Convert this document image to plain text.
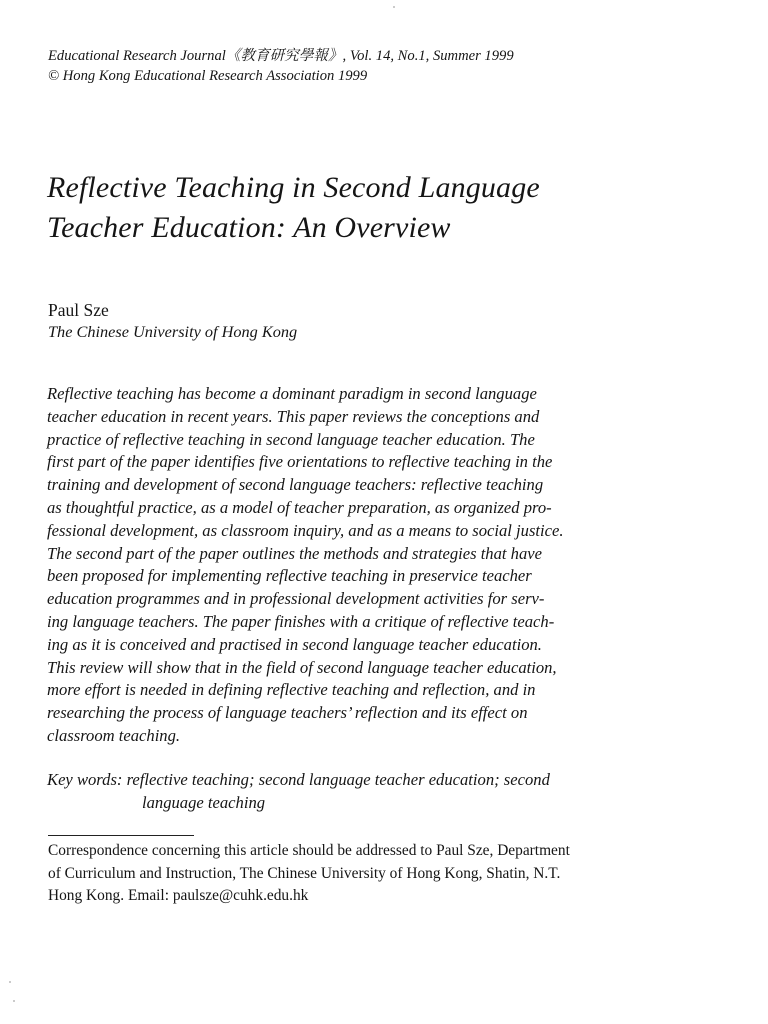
Educational Research Journal《教育研究學報》, Vol. 14, No.1, Summer 1999
© Hong Kong Educational Research Association 1999
Reflective Teaching in Second Language
Teacher Education: An Overview
Paul Sze
The Chinese University of Hong Kong
Reflective teaching has become a dominant paradigm in second language
teacher education in recent years. This paper reviews the conceptions and
practice of reflective teaching in second language teacher education. The
first part of the paper identifies five orientations to reflective teaching in the
training and development of second language teachers: reflective teaching
as thoughtful practice, as a model of teacher preparation, as organized pro-
fessional development, as classroom inquiry, and as a means to social justice.
The second part of the paper outlines the methods and strategies that have
been proposed for implementing reflective teaching in preservice teacher
education programmes and in professional development activities for serv-
ing language teachers. The paper finishes with a critique of reflective teach-
ing as it is conceived and practised in second language teacher education.
This review will show that in the field of second language teacher education,
more effort is needed in defining reflective teaching and reflection, and in
researching the process of language teachers’ reflection and its effect on
classroom teaching.
Key words: reflective teaching; second language teacher education; second
language teaching
Correspondence concerning this article should be addressed to Paul Sze, Department
of Curriculum and Instruction, The Chinese University of Hong Kong, Shatin, N.T.
Hong Kong. Email: paulsze@cuhk.edu.hk
